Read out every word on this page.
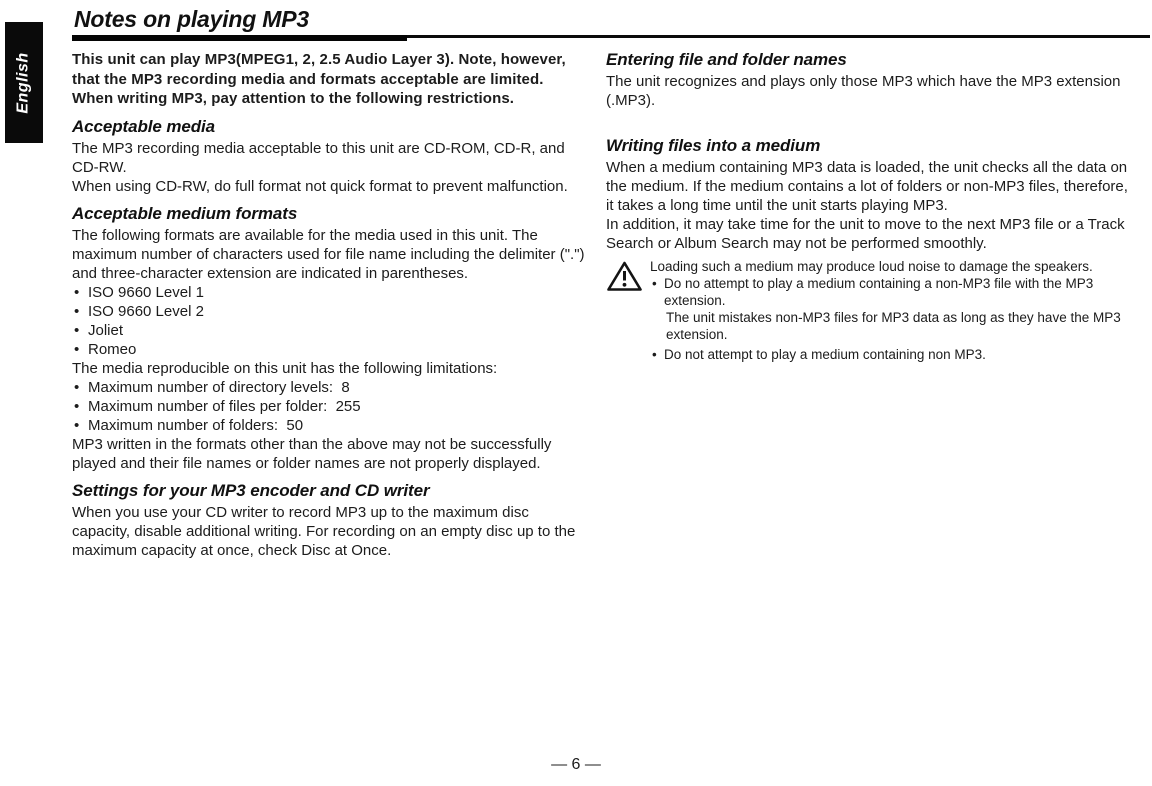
English
Notes on playing MP3

This unit can play MP3(MPEG1, 2, 2.5 Audio Layer 3). Note, however, that the MP3 recording media and formats acceptable are limited. When writing MP3, pay attention to the following restrictions.

Acceptable media

The MP3 recording media acceptable to this unit are CD-ROM, CD-R, and CD-RW.

When using CD-RW, do full format not quick format to prevent malfunction.

Acceptable medium formats

The following formats are available for the media used in this unit. The maximum number of characters used for file name including the delimiter (".") and three-character extension are indicated in parentheses.

• ISO 9660 Level 1
• ISO 9660 Level 2
• Joliet
• Romeo

The media reproducible on this unit has the following limitations:

• Maximum number of directory levels:  8
• Maximum number of files per folder:  255
• Maximum number of folders:  50

MP3 written in the formats other than the above may not be successfully played and their file names or folder names are not properly displayed.

Settings for your MP3 encoder and CD writer

When you use your CD writer to record MP3 up to the maximum disc capacity, disable additional writing. For recording on an empty disc up to the maximum capacity at once, check Disc at Once.

Entering file and folder names

The unit recognizes and plays only those MP3 which have the MP3 extension (.MP3).

Writing files into a medium

When a medium containing MP3 data is loaded, the unit checks all the data on the medium. If the medium contains a lot of folders or non-MP3 files, therefore, it takes a long time until the unit starts playing MP3.

In addition, it may take time for the unit to move to the next MP3 file or a Track Search or Album Search may not be performed smoothly.

Loading such a medium may produce loud noise to damage the speakers.

• Do no attempt to play a medium containing a non-MP3 file with the MP3 extension.
The unit mistakes non-MP3 files for MP3 data as long as they have the MP3 extension.
• Do not attempt to play a medium containing non MP3.
— 6 —
